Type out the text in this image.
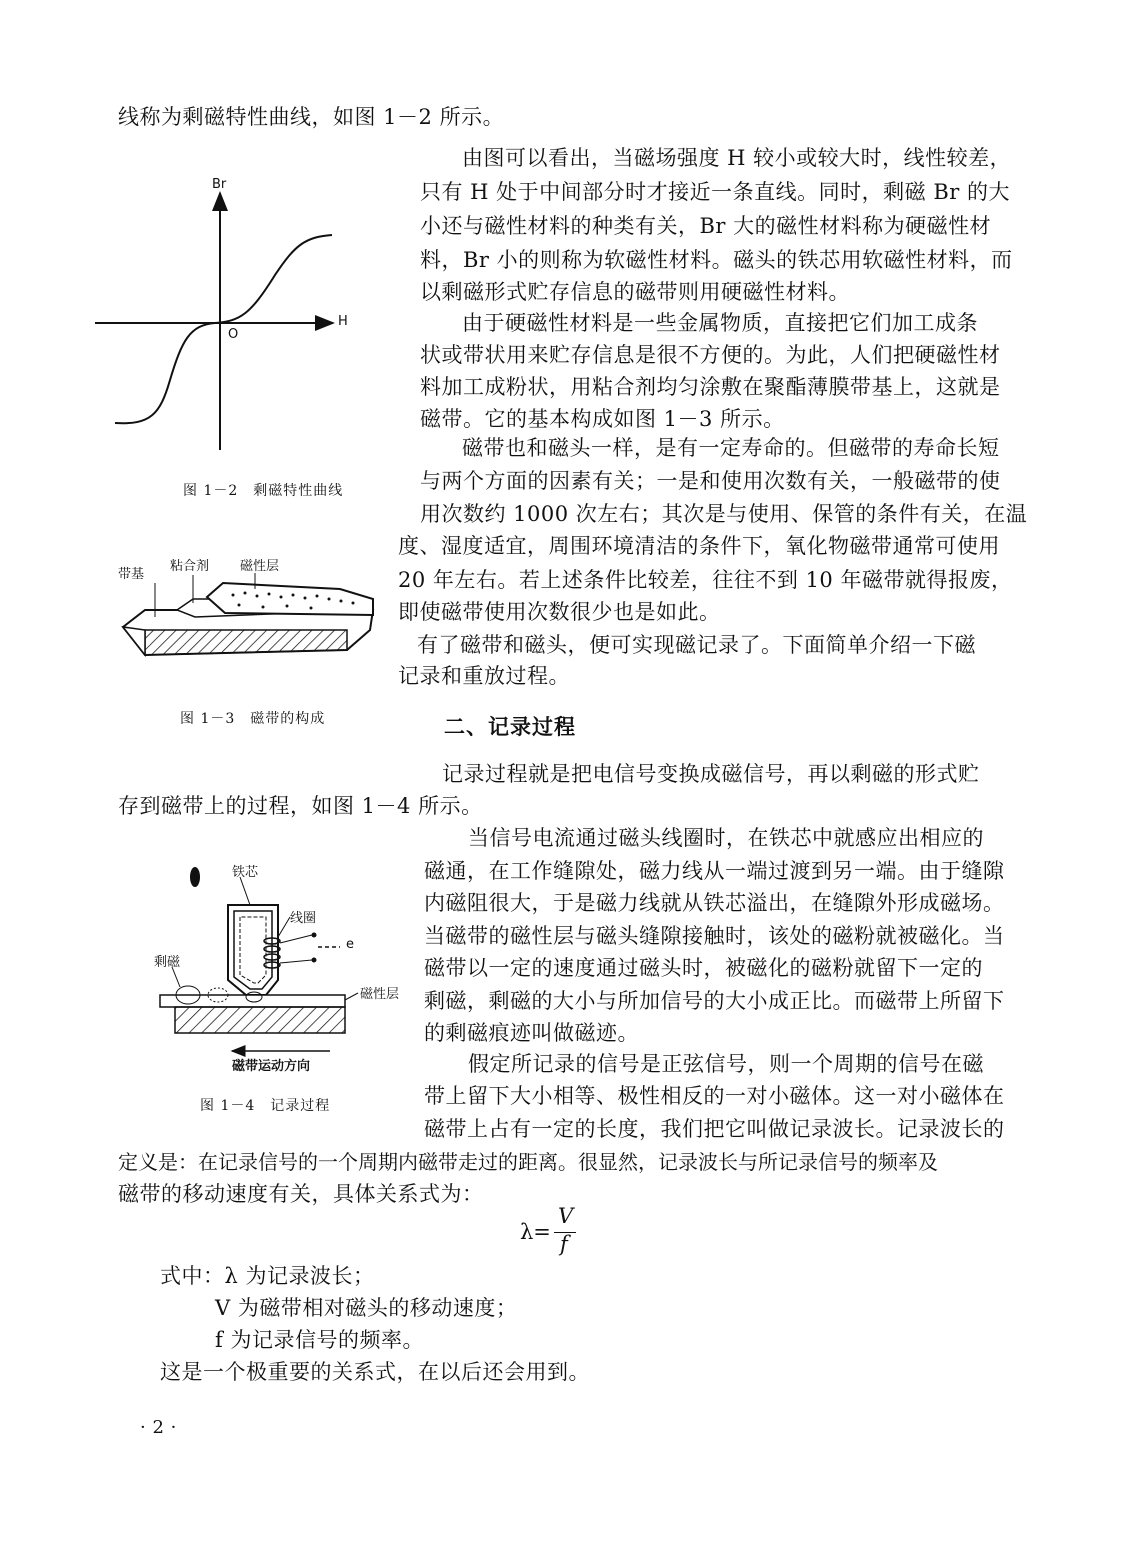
线称为剩磁特性曲线，如图 1－2 所示。
由图可以看出，当磁场强度 H 较小或较大时，线性较差，
只有 H 处于中间部分时才接近一条直线。同时，剩磁 Br 的大
小还与磁性材料的种类有关，Br 大的磁性材料称为硬磁性材
料，Br 小的则称为软磁性材料。磁头的铁芯用软磁性材料，而
以剩磁形式贮存信息的磁带则用硬磁性材料。
由于硬磁性材料是一些金属物质，直接把它们加工成条
状或带状用来贮存信息是很不方便的。为此，人们把硬磁性材
料加工成粉状，用粘合剂均匀涂敷在聚酯薄膜带基上，这就是
磁带。它的基本构成如图 1－3 所示。
磁带也和磁头一样，是有一定寿命的。但磁带的寿命长短
与两个方面的因素有关；一是和使用次数有关，一般磁带的使
用次数约 1000 次左右；其次是与使用、保管的条件有关，在温
度、湿度适宜，周围环境清洁的条件下，氧化物磁带通常可使用
20 年左右。若上述条件比较差，往往不到 10 年磁带就得报废，
即使磁带使用次数很少也是如此。
有了磁带和磁头，便可实现磁记录了。下面简单介绍一下磁
记录和重放过程。
二、记录过程
记录过程就是把电信号变换成磁信号，再以剩磁的形式贮
存到磁带上的过程，如图 1－4 所示。
当信号电流通过磁头线圈时，在铁芯中就感应出相应的
磁通，在工作缝隙处，磁力线从一端过渡到另一端。由于缝隙
内磁阻很大，于是磁力线就从铁芯溢出，在缝隙外形成磁场。
当磁带的磁性层与磁头缝隙接触时，该处的磁粉就被磁化。当
磁带以一定的速度通过磁头时，被磁化的磁粉就留下一定的
剩磁，剩磁的大小与所加信号的大小成正比。而磁带上所留下
的剩磁痕迹叫做磁迹。
假定所记录的信号是正弦信号，则一个周期的信号在磁
带上留下大小相等、极性相反的一对小磁体。这一对小磁体在
磁带上占有一定的长度，我们把它叫做记录波长。记录波长的
定义是：在记录信号的一个周期内磁带走过的距离。很显然，记录波长与所记录信号的频率及
磁带的移动速度有关，具体关系式为：
λ=
V
f
式中：λ 为记录波长；
V 为磁带相对磁头的移动速度；
f 为记录信号的频率。
这是一个极重要的关系式，在以后还会用到。
· 2 ·
Br
H
O
图 1－2　剩磁特性曲线
带基
粘合剂 磁性层
图 1－3　磁带的构成
铁芯
线圈
e
剩磁
磁性层
磁带运动方向
图 1－4　记录过程
